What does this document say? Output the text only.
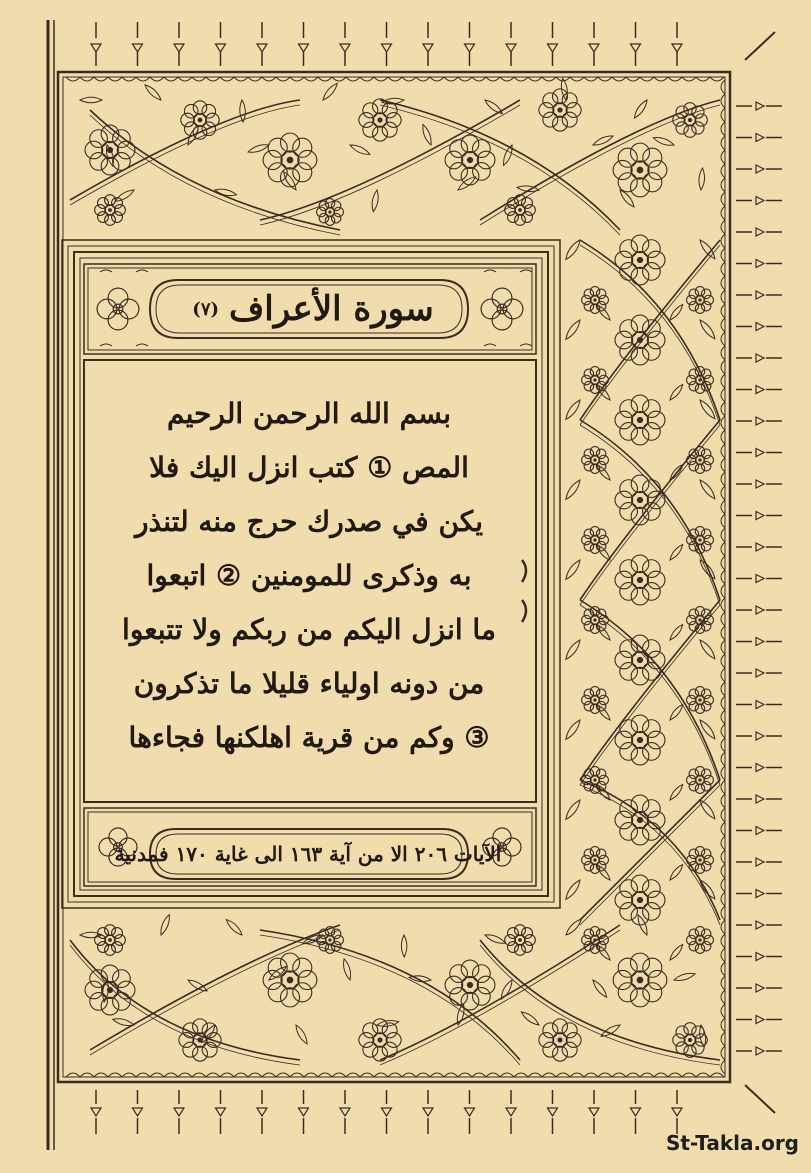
سورة الأعراف
(٧)
بسم الله الرحمن الرحيم
المص ① كتب انزل اليك فلا
يكن في صدرك حرج منه لتنذر
به وذكرى للمومنين ② اتبعوا
ما انزل اليكم من ربكم ولا تتبعوا
من دونه اولياء قليلا ما تذكرون
③ وكم من قرية اهلكنها فجاءها
الآيات ٢٠٦ الا من آية ١٦٣ الى غاية ١٧٠ فمدنية
St-Takla.org
